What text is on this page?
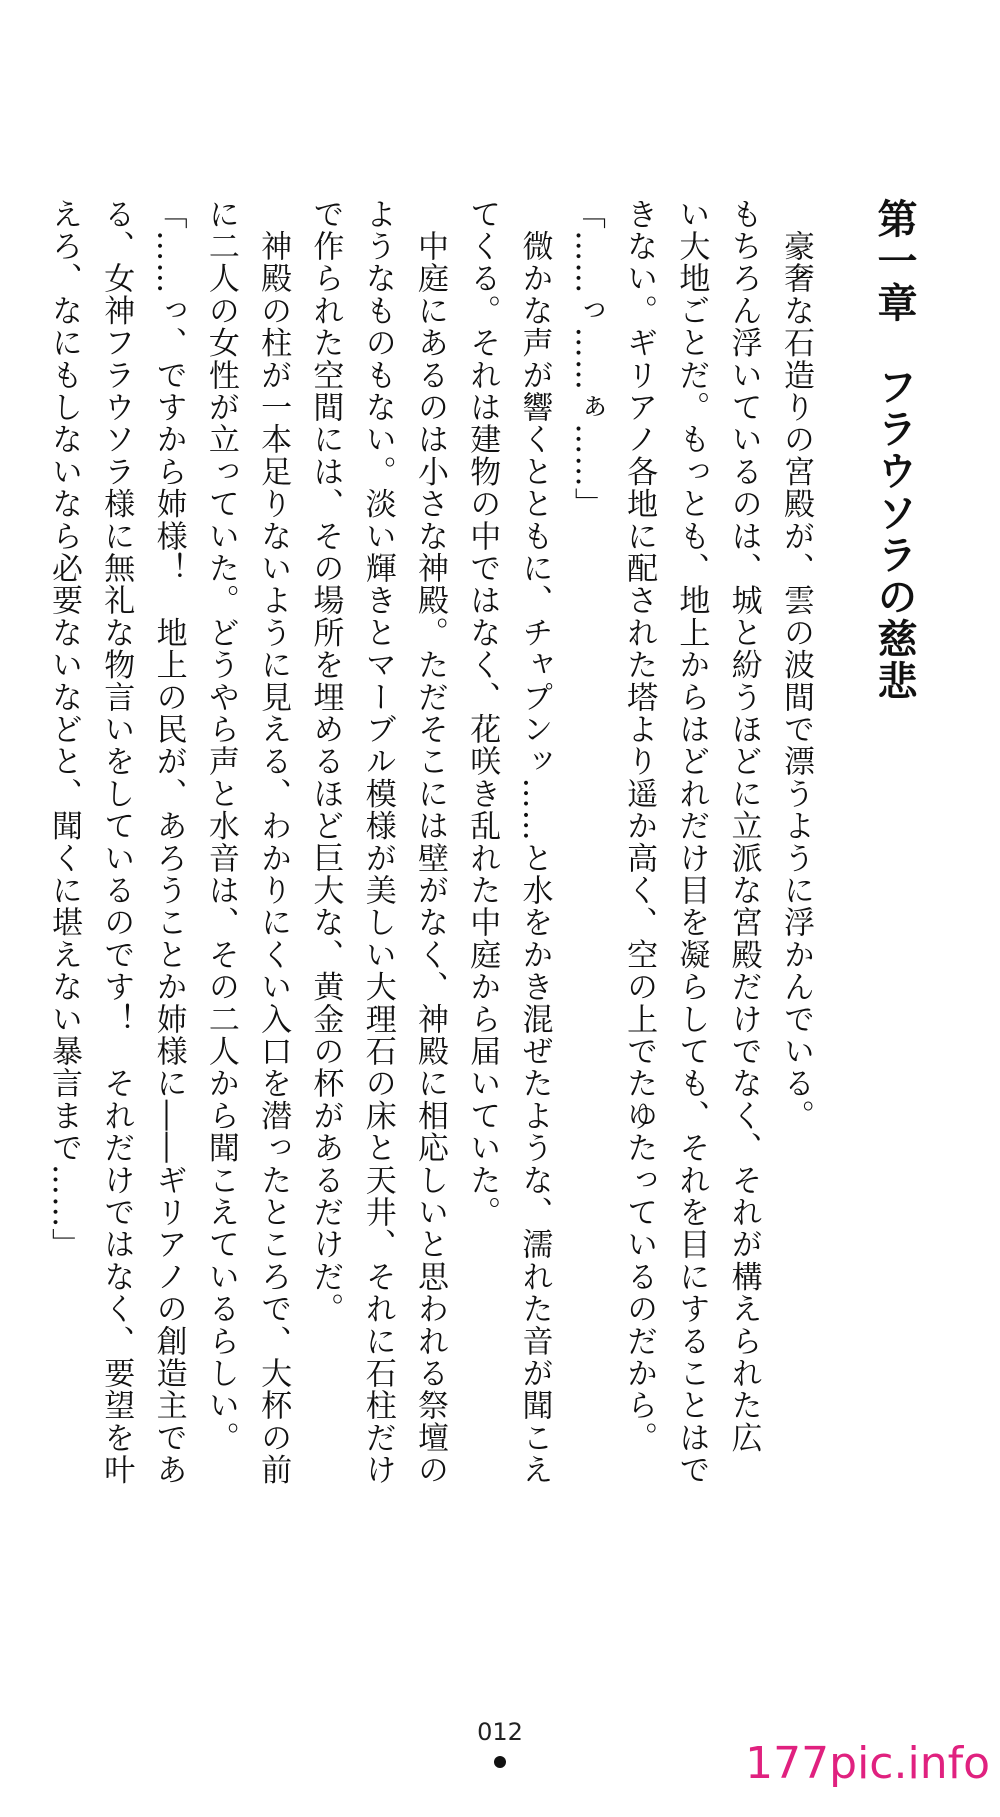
第一章　フラウソラの慈悲
　豪奢な石造りの宮殿が、雲の波間で漂うように浮かんでいる。
もちろん浮いているのは、城と紛うほどに立派な宮殿だけでなく、それが構えられた広
い大地ごとだ。もっとも、地上からはどれだけ目を凝らしても、それを目にすることはで
きない。ギリアノ各地に配された塔より遥か高く、空の上でたゆたっているのだから。
「……っ……ぁ……」
　微かな声が響くとともに、チャプンッ……と水をかき混ぜたような、濡れた音が聞こえ
てくる。それは建物の中ではなく、花咲き乱れた中庭から届いていた。
　中庭にあるのは小さな神殿。ただそこには壁がなく、神殿に相応しいと思われる祭壇の
ようなものもない。淡い輝きとマーブル模様が美しい大理石の床と天井、それに石柱だけ
で作られた空間には、その場所を埋めるほど巨大な、黄金の杯があるだけだ。
　神殿の柱が一本足りないように見える、わかりにくい入口を潜ったところで、大杯の前
に二人の女性が立っていた。どうやら声と水音は、その二人から聞こえているらしい。
「……っ、ですから姉様！　地上の民が、あろうことか姉様に――ギリアノの創造主であ
る、女神フラウソラ様に無礼な物言いをしているのです！　それだけではなく、要望を叶
えろ、なにもしないなら必要ないなどと、聞くに堪えない暴言まで……」
012
177pic.info
